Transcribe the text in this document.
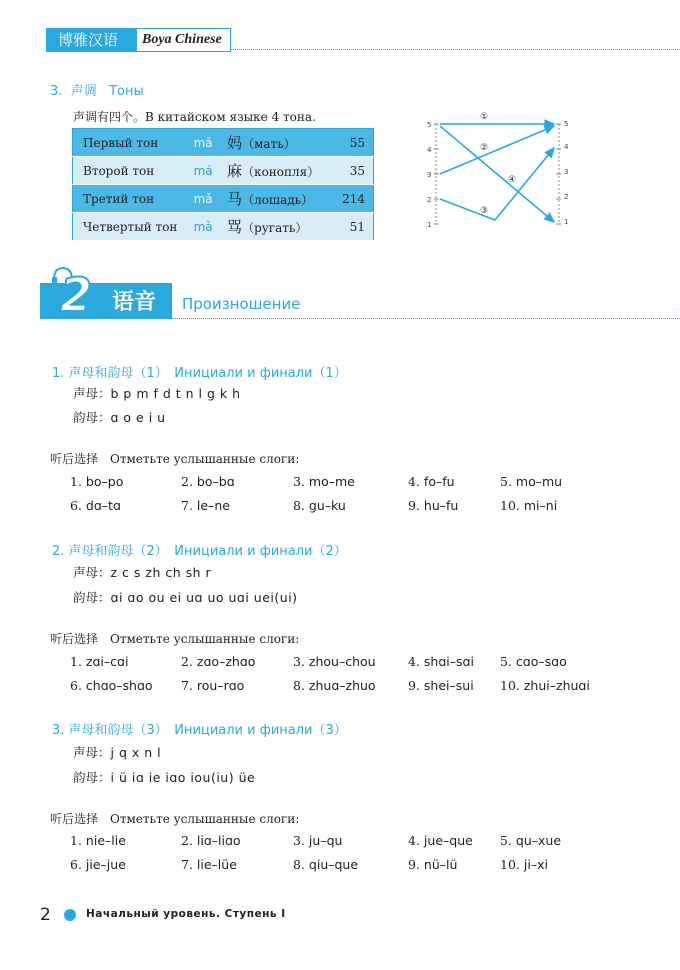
博雅汉语	Boya Chinese
3. 声调 Тоны
声调有四个。В китайском языке 4 тона.
Первый тон	mā	妈（мать）	55
Второй тон	má	麻（конопля）	35
Третий тон	mǎ	马（лошадь）	214
Четвертый тон	mà	骂（ругать）	51
5
4
3
2
1
5
4
3
2
1
①
②
④
③
2 语音 Произношение
1. 声母和韵母（1）　Инициали и финали（1）
声母：b p m f d t n l g k h
韵母：ɑ o e i u
听后选择　Отметьте услышанные слоги:
1. bo–po	2. bo–bɑ	3. mo–me	4. fo–fu	5. mo–mu
6. dɑ–tɑ	7. le–ne	8. gu–ku	9. hu–fu	10. mi–ni
2. 声母和韵母（2）　Инициали и финали（2）
声母：z c s zh ch sh r
韵母：ɑi ɑo ou ei uɑ uo uɑi uei(ui)
听后选择　Отметьте услышанные слоги:
1. zɑi–cɑi	2. zɑo–zhɑo	3. zhou–chou	4. shɑi–sɑi 5. cɑo–sɑo
6. chɑo–shɑo 7. rou–rɑo	8. zhuɑ–zhuo	9. shei–sui 10. zhui–zhuɑi
3. 声母和韵母（3）　Инициали и финали（3）
声母：j q x n l
韵母：i ü iɑ ie iɑo iou(iu) üe
听后选择　Отметьте услышанные слоги:
1. nie–lie	2. liɑ–liɑo	3. ju–qu	4. jue–que 5. qu–xue
6. jie–jue	7. lie–lüe	8. qiu–que	9. nü–lü	10. ji–xi
2	Начальный уровень. Ступень I
